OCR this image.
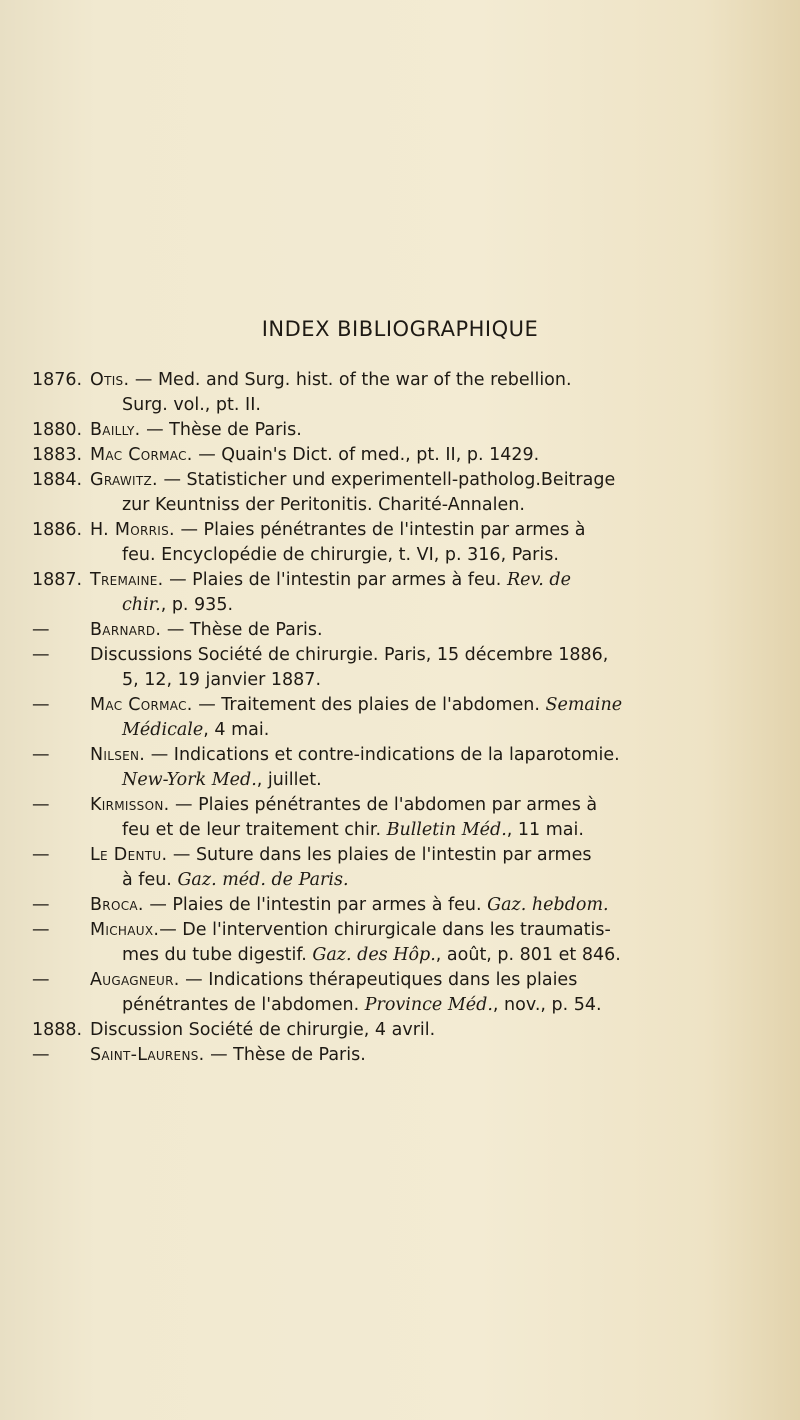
INDEX BIBLIOGRAPHIQUE
1876. Otis. — Med. and Surg. hist. of the war of the rebellion.
Surg. vol., pt. II.
1880. Bailly. — Thèse de Paris.
1883. Mac Cormac. — Quain's Dict. of med., pt. II, p. 1429.
1884. Grawitz. — Statisticher und experimentell-patholog.Beitrage
zur Keuntniss der Peritonitis. Charité-Annalen.
1886. H. Morris. — Plaies pénétrantes de l'intestin par armes à
feu. Encyclopédie de chirurgie, t. VI, p. 316, Paris.
1887. Tremaine. — Plaies de l'intestin par armes à feu. Rev. de
chir., p. 935.
—	Barnard. — Thèse de Paris.
—	Discussions Société de chirurgie. Paris, 15 décembre 1886,
5, 12, 19 janvier 1887.
—	Mac Cormac. — Traitement des plaies de l'abdomen. Semaine
Médicale, 4 mai.
—	Nilsen. — Indications et contre-indications de la laparotomie.
New-York Med., juillet.
—	Kirmisson. — Plaies pénétrantes de l'abdomen par armes à
feu et de leur traitement chir. Bulletin Méd., 11 mai.
—	Le Dentu. — Suture dans les plaies de l'intestin par armes
à feu. Gaz. méd. de Paris.
—	Broca. — Plaies de l'intestin par armes à feu. Gaz. hebdom.
—	Michaux.— De l'intervention chirurgicale dans les traumatis-
mes du tube digestif. Gaz. des Hôp., août, p. 801 et 846.
—	Augagneur. — Indications thérapeutiques dans les plaies
pénétrantes de l'abdomen. Province Méd., nov., p. 54.
1888. Discussion Société de chirurgie, 4 avril.
—	Saint-Laurens. — Thèse de Paris.
